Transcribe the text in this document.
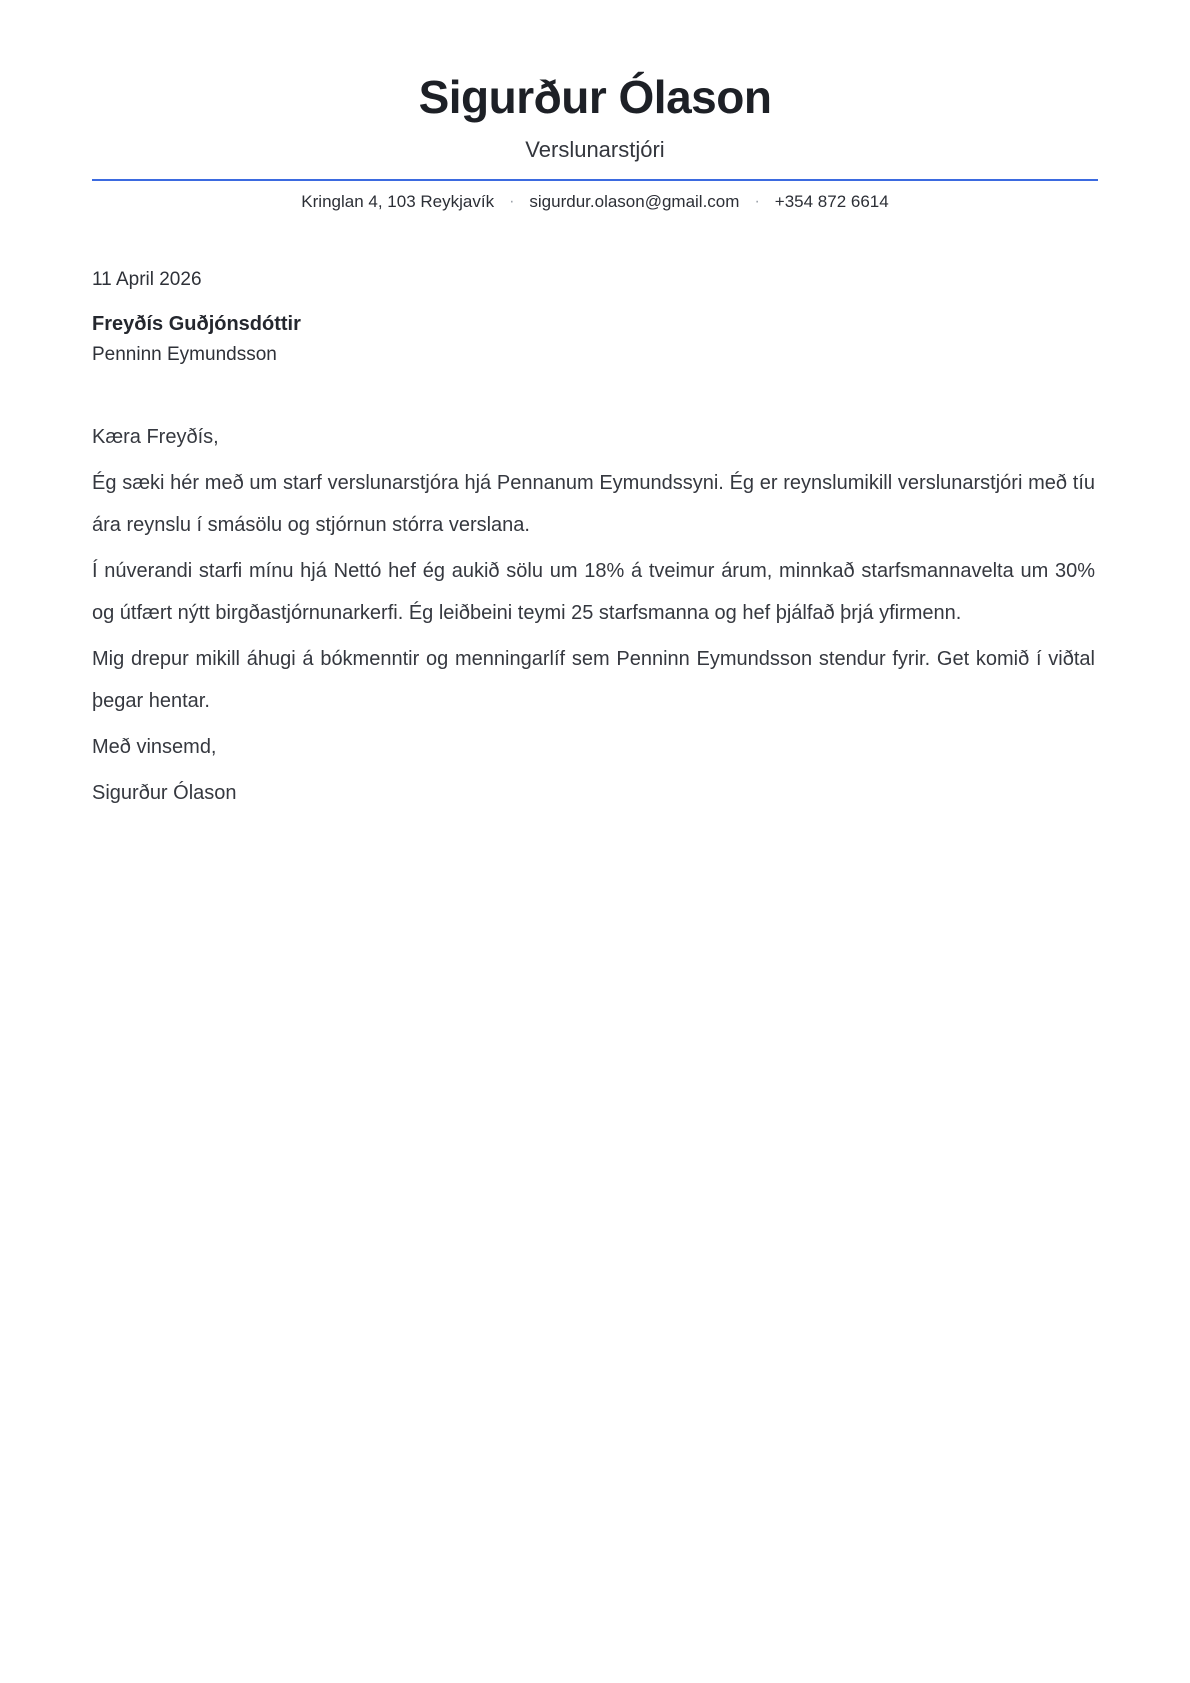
Sigurður Ólason
Verslunarstjóri
Kringlan 4, 103 Reykjavík · sigurdur.olason@gmail.com · +354 872 6614
11 April 2026
Freyðís Guðjónsdóttir
Penninn Eymundsson

Kæra Freyðís,

Ég sæki hér með um starf verslunarstjóra hjá Pennanum Eymundssyni. Ég er reynslumikill verslunarstjóri með tíu ára reynslu í smásölu og stjórnun stórra verslana.

Í núverandi starfi mínu hjá Nettó hef ég aukið sölu um 18% á tveimur árum, minnkað starfsmannavelta um 30% og útfært nýtt birgðastjórnunarkerfi. Ég leiðbeini teymi 25 starfsmanna og hef þjálfað þrjá yfirmenn.

Mig drepur mikill áhugi á bókmenntir og menningarlíf sem Penninn Eymundsson stendur fyrir. Get komið í viðtal þegar hentar.

Með vinsemd,

Sigurður Ólason
